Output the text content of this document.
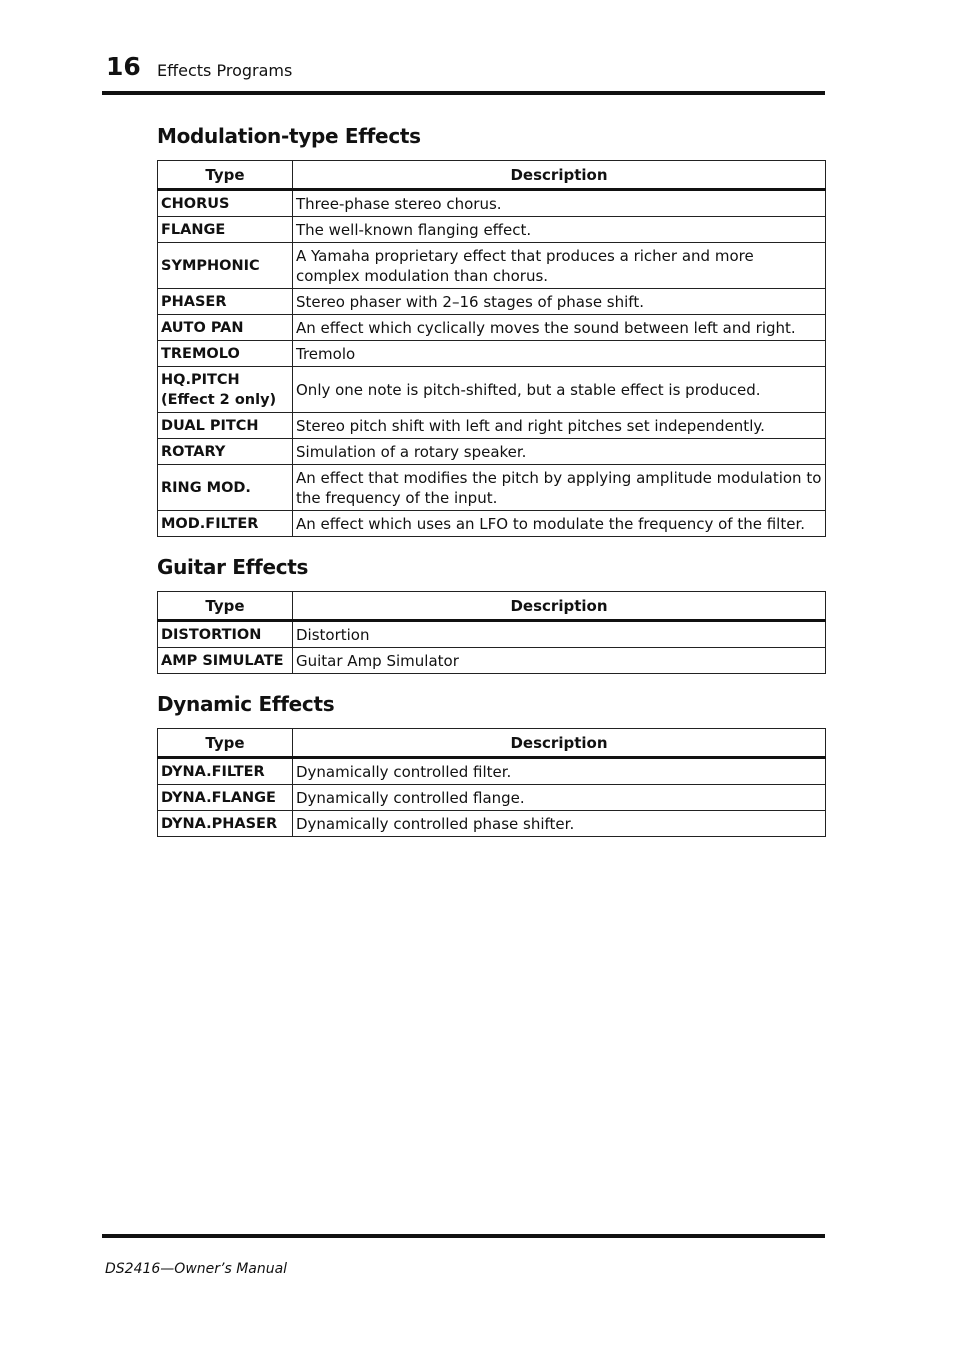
16 Effects Programs
Modulation-type Effects
Type	Description
CHORUS	Three-phase stereo chorus.
FLANGE	The well-known flanging effect.
SYMPHONIC	A Yamaha proprietary effect that produces a richer and more complex modulation than chorus.
PHASER	Stereo phaser with 2–16 stages of phase shift.
AUTO PAN	An effect which cyclically moves the sound between left and right.
TREMOLO	Tremolo
HQ.PITCH (Effect 2 only)	Only one note is pitch-shifted, but a stable effect is produced.
DUAL PITCH	Stereo pitch shift with left and right pitches set independently.
ROTARY	Simulation of a rotary speaker.
RING MOD.	An effect that modifies the pitch by applying amplitude modulation to the frequency of the input.
MOD.FILTER	An effect which uses an LFO to modulate the frequency of the filter.
Guitar Effects
Type	Description
DISTORTION	Distortion
AMP SIMULATE	Guitar Amp Simulator
Dynamic Effects
Type	Description
DYNA.FILTER	Dynamically controlled filter.
DYNA.FLANGE	Dynamically controlled flange.
DYNA.PHASER	Dynamically controlled phase shifter.
DS2416—Owner’s Manual
